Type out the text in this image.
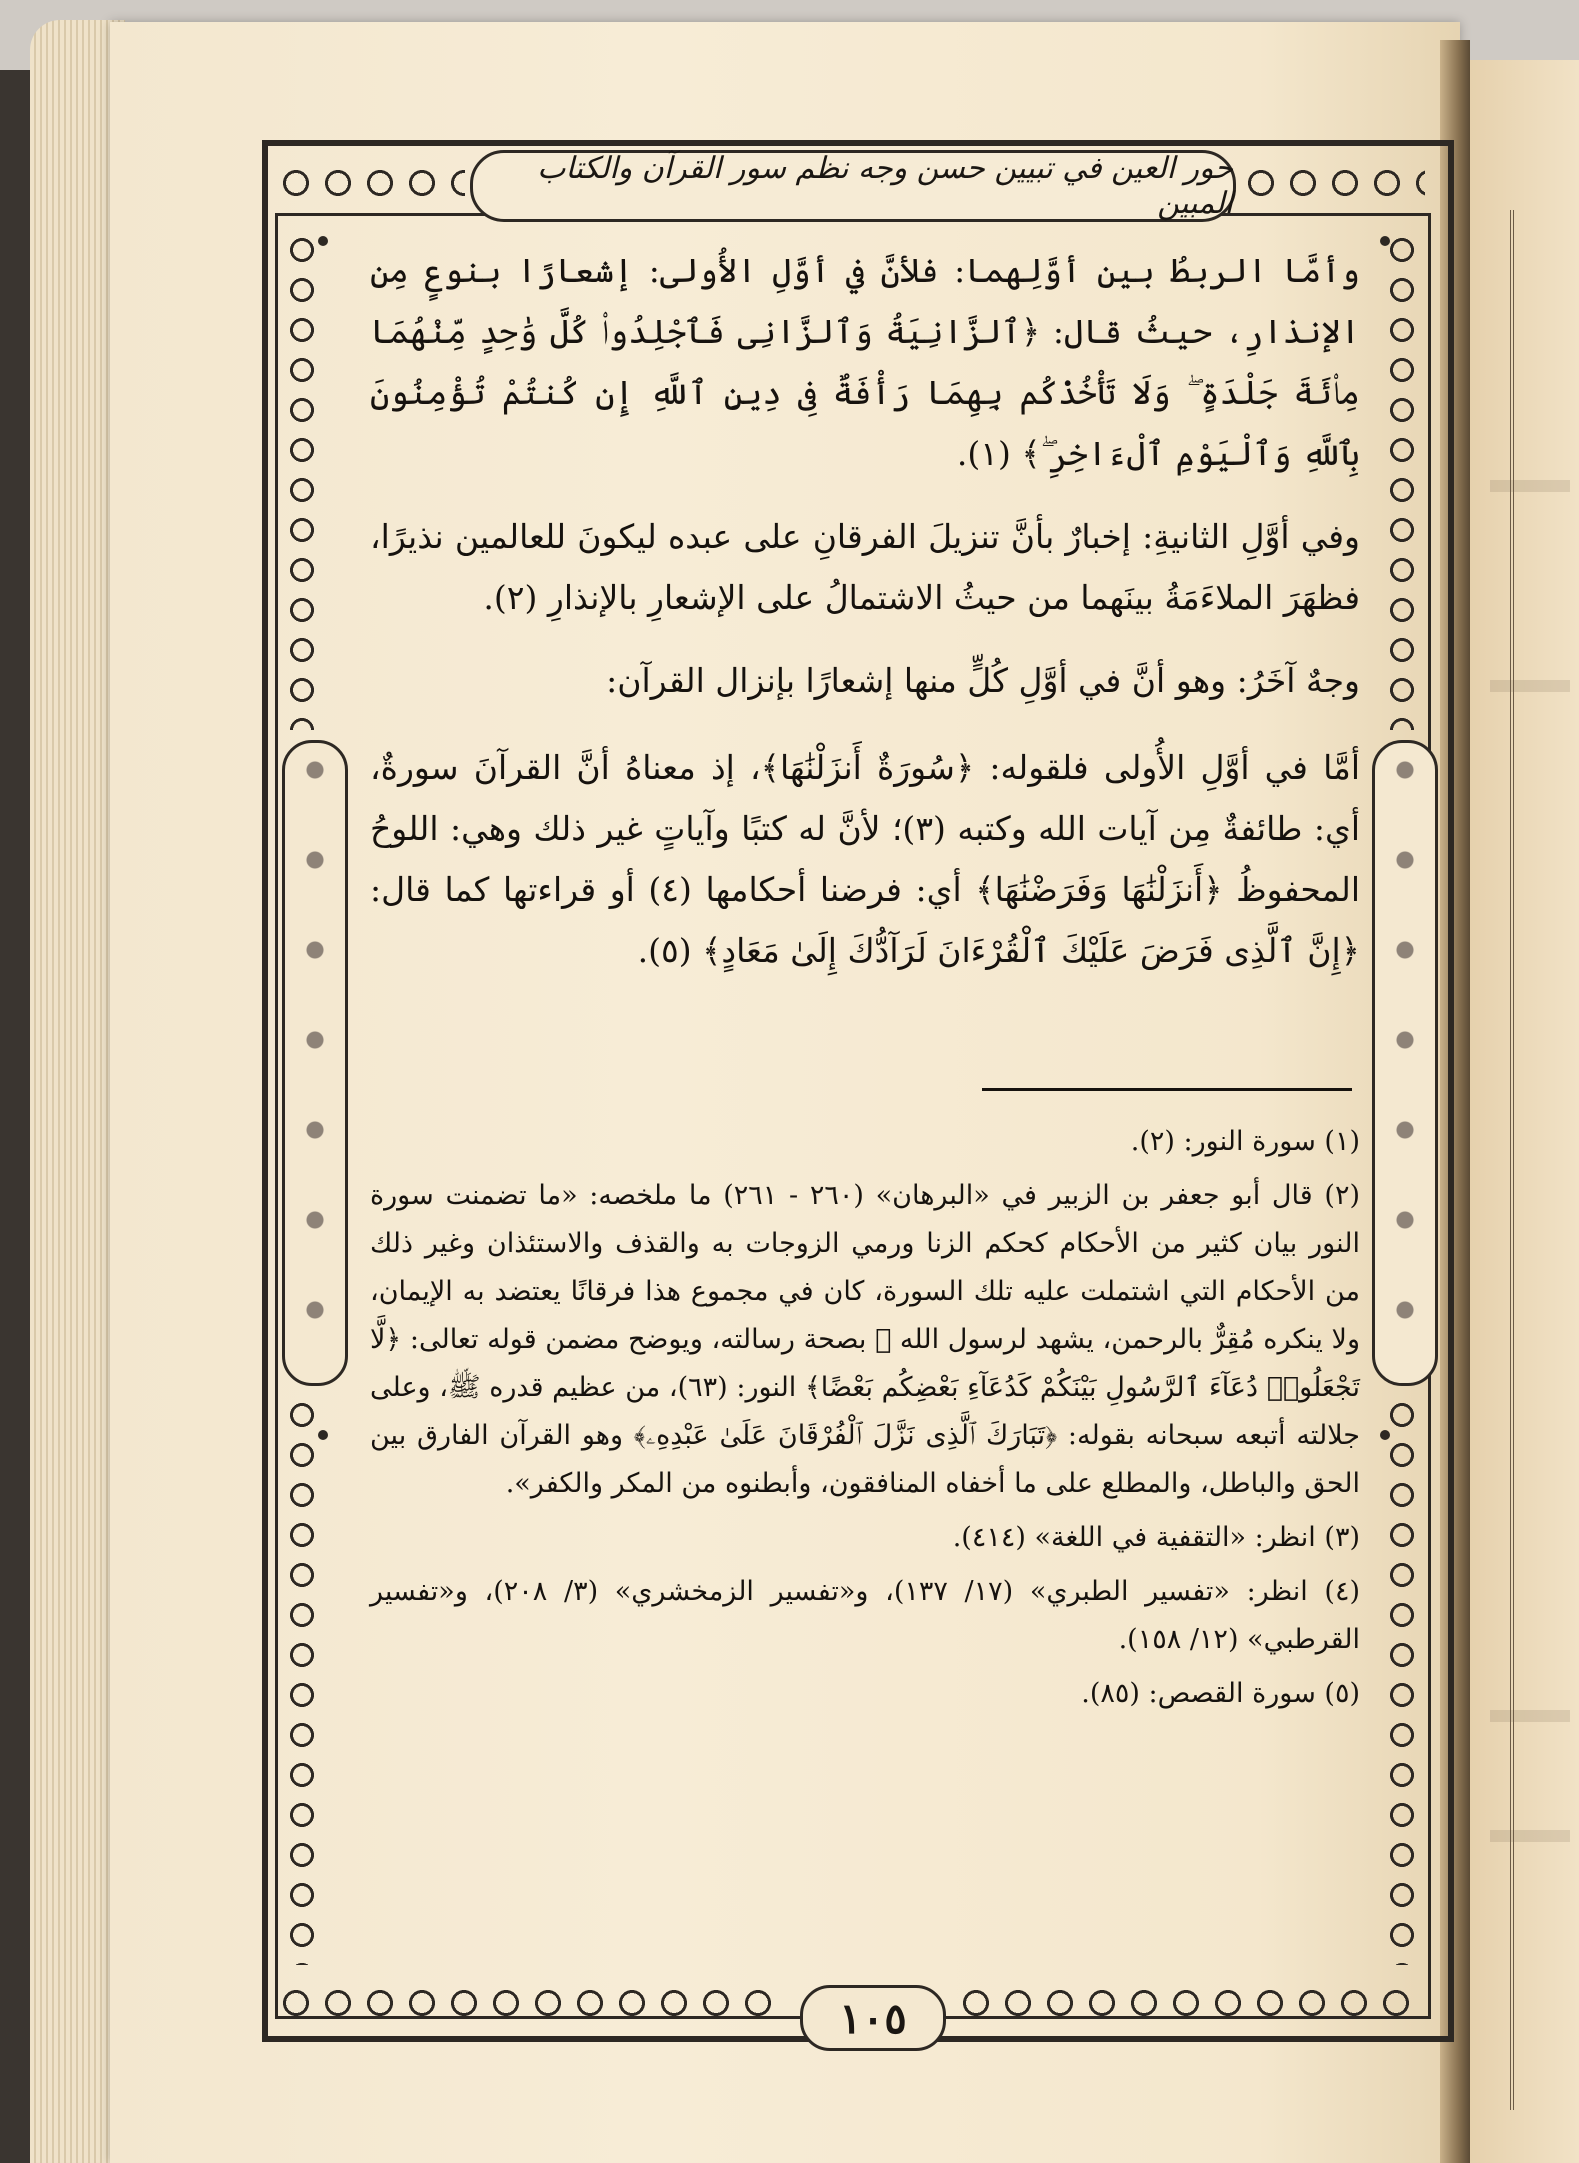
حور العين في تبيين حسن وجه نظم سور القرآن والكتاب المبين

وأمَّا الربطُ بين أوَّلِهما: فلأنَّ في أوَّلِ الأُولى: إشعارًا بنوعٍ مِن الإنذارِ، حيثُ قال: ﴿ٱلزَّانِيَةُ وَٱلزَّانِى فَٱجْلِدُوا۟ كُلَّ وَٰحِدٍ مِّنْهُمَا مِا۟ئَةَ جَلْدَةٍ ۖ وَلَا تَأْخُذْكُم بِهِمَا رَأْفَةٌ فِى دِينِ ٱللَّهِ إِن كُنتُمْ تُؤْمِنُونَ بِٱللَّهِ وَٱلْيَوْمِ ٱلْءَاخِرِ ۖ﴾ (١).

وفي أوَّلِ الثانيةِ: إخبارٌ بأنَّ تنزيلَ الفرقانِ على عبده ليكونَ للعالمين نذيرًا، فظهَرَ الملاءَمَةُ بينَهما من حيثُ الاشتمالُ على الإشعارِ بالإنذارِ (٢).

وجهٌ آخَرُ: وهو أنَّ في أوَّلِ كُلٍّ منها إشعارًا بإنزال القرآن:

أمَّا في أوَّلِ الأُولى فلقوله: ﴿سُورَةٌ أَنزَلْنَٰهَا﴾، إذ معناهُ أنَّ القرآنَ سورةٌ، أي: طائفةٌ مِن آيات الله وكتبه (٣)؛ لأنَّ له كتبًا وآياتٍ غير ذلك وهي: اللوحُ المحفوظُ ﴿أَنزَلْنَٰهَا وَفَرَضْنَٰهَا﴾ أي: فرضنا أحكامها (٤) أو قراءتها كما قال: ﴿إِنَّ ٱلَّذِى فَرَضَ عَلَيْكَ ٱلْقُرْءَانَ لَرَآدُّكَ إِلَىٰ مَعَادٍ﴾ (٥).

(١) سورة النور: (٢).

(٢) قال أبو جعفر بن الزبير في «البرهان» (٢٦٠ - ٢٦١) ما ملخصه: «ما تضمنت سورة النور بيان كثير من الأحكام كحكم الزنا ورمي الزوجات به والقذف والاستئذان وغير ذلك من الأحكام التي اشتملت عليه تلك السورة، كان في مجموع هذا فرقانًا يعتضد به الإيمان، ولا ينكره مُقِرٌّ بالرحمن، يشهد لرسول الله ﷺ بصحة رسالته، ويوضح مضمن قوله تعالى: ﴿لَّا تَجْعَلُوا۟ دُعَآءَ ٱلرَّسُولِ بَيْنَكُمْ كَدُعَآءِ بَعْضِكُم بَعْضًا﴾ النور: (٦٣)، من عظيم قدره ﷺ، وعلى جلالته أتبعه سبحانه بقوله: ﴿تَبَارَكَ ٱلَّذِى نَزَّلَ ٱلْفُرْقَانَ عَلَىٰ عَبْدِهِۦ﴾ وهو القرآن الفارق بين الحق والباطل، والمطلع على ما أخفاه المنافقون، وأبطنوه من المكر والكفر».

(٣) انظر: «التقفية في اللغة» (٤١٤).

(٤) انظر: «تفسير الطبري» (١٧/ ١٣٧)، و«تفسير الزمخشري» (٣/ ٢٠٨)، و«تفسير القرطبي» (١٢/ ١٥٨).

(٥) سورة القصص: (٨٥).

١٠٥
